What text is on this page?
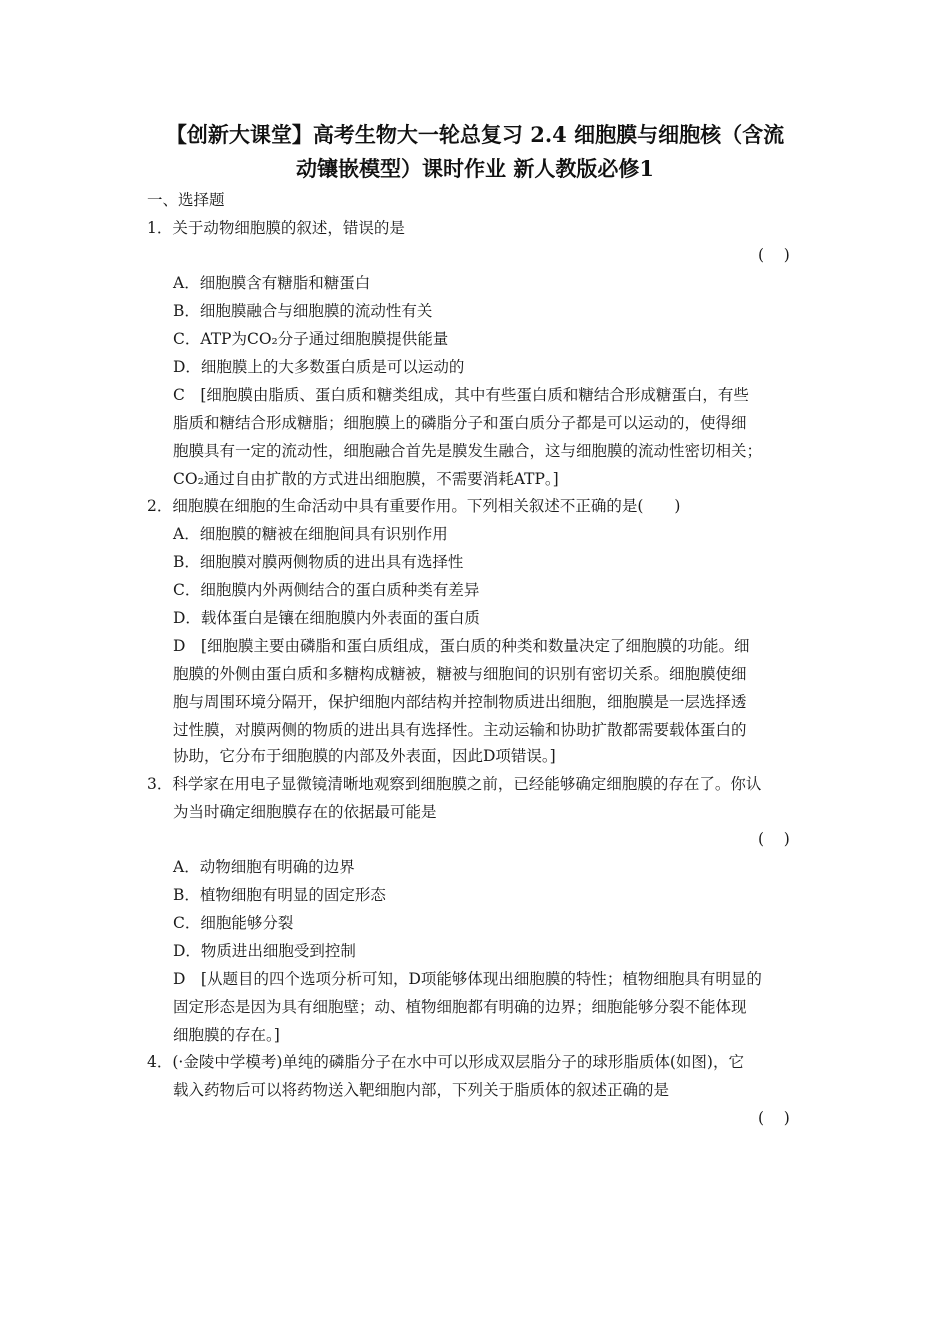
【创新大课堂】高考生物大一轮总复习 2.4 细胞膜与细胞核（含流
动镶嵌模型）课时作业 新人教版必修1
一、选择题
1．关于动物细胞膜的叙述，错误的是
(    )
A．细胞膜含有糖脂和糖蛋白
B．细胞膜融合与细胞膜的流动性有关
C．ATP为CO₂分子通过细胞膜提供能量
D．细胞膜上的大多数蛋白质是可以运动的
C　[细胞膜由脂质、蛋白质和糖类组成，其中有些蛋白质和糖结合形成糖蛋白，有些
脂质和糖结合形成糖脂；细胞膜上的磷脂分子和蛋白质分子都是可以运动的，使得细
胞膜具有一定的流动性，细胞融合首先是膜发生融合，这与细胞膜的流动性密切相关；
CO₂通过自由扩散的方式进出细胞膜，不需要消耗ATP。]
2．细胞膜在细胞的生命活动中具有重要作用。下列相关叙述不正确的是(　　)
A．细胞膜的糖被在细胞间具有识别作用
B．细胞膜对膜两侧物质的进出具有选择性
C．细胞膜内外两侧结合的蛋白质种类有差异
D．载体蛋白是镶在细胞膜内外表面的蛋白质
D　[细胞膜主要由磷脂和蛋白质组成，蛋白质的种类和数量决定了细胞膜的功能。细
胞膜的外侧由蛋白质和多糖构成糖被，糖被与细胞间的识别有密切关系。细胞膜使细
胞与周围环境分隔开，保护细胞内部结构并控制物质进出细胞，细胞膜是一层选择透
过性膜，对膜两侧的物质的进出具有选择性。主动运输和协助扩散都需要载体蛋白的
协助，它分布于细胞膜的内部及外表面，因此D项错误。]
3．科学家在用电子显微镜清晰地观察到细胞膜之前，已经能够确定细胞膜的存在了。你认
为当时确定细胞膜存在的依据最可能是
(    )
A．动物细胞有明确的边界
B．植物细胞有明显的固定形态
C．细胞能够分裂
D．物质进出细胞受到控制
D　[从题目的四个选项分析可知，D项能够体现出细胞膜的特性；植物细胞具有明显的
固定形态是因为具有细胞壁；动、植物细胞都有明确的边界；细胞能够分裂不能体现
细胞膜的存在。]
4．(·金陵中学模考)单纯的磷脂分子在水中可以形成双层脂分子的球形脂质体(如图)，它
载入药物后可以将药物送入靶细胞内部，下列关于脂质体的叙述正确的是
(    )
